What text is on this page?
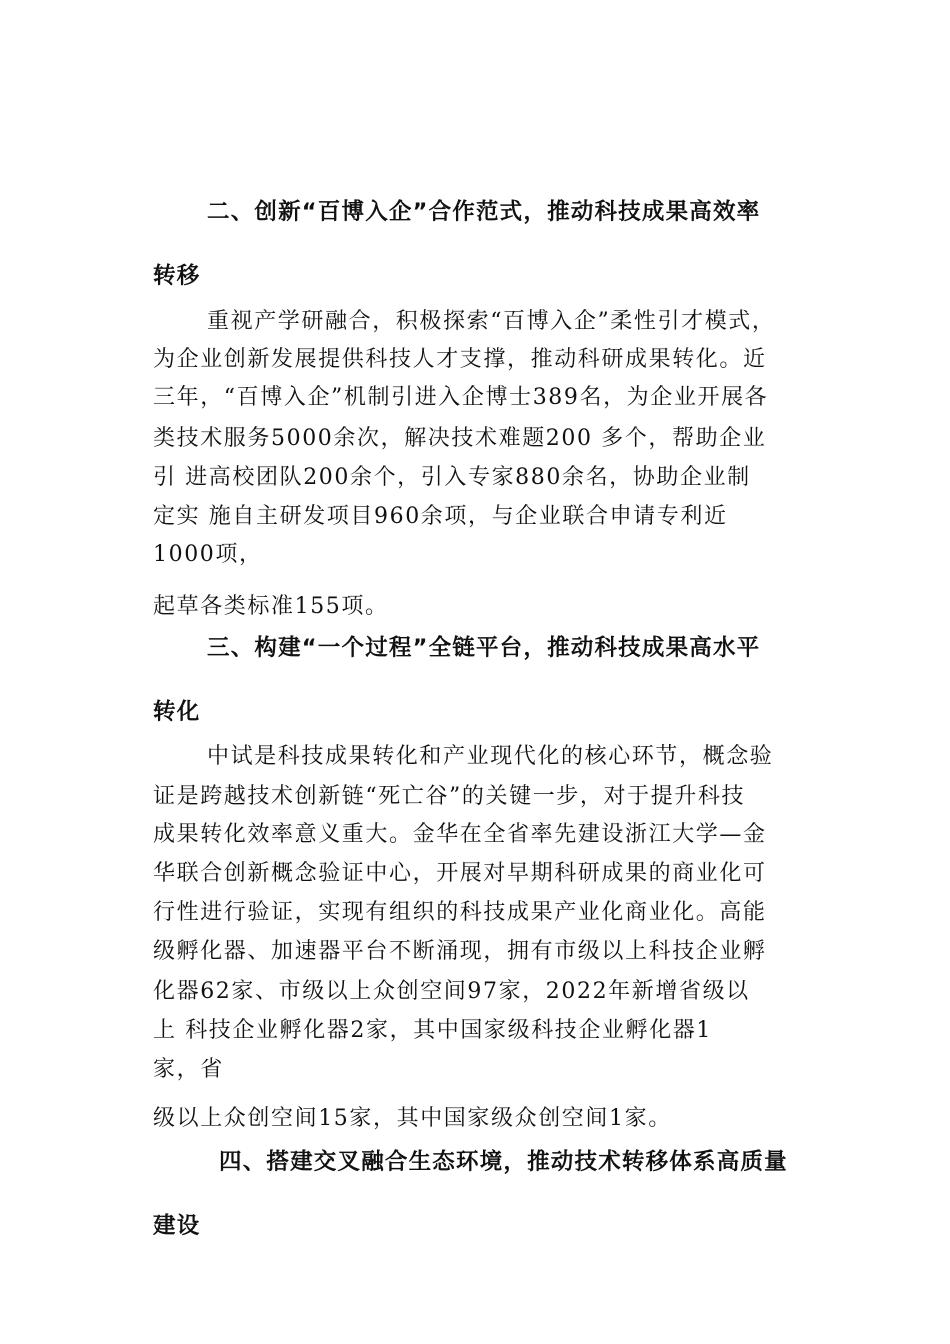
二、创新“百博入企”合作范式，推动科技成果高效率
转移
重视产学研融合，积极探索“百博入企”柔性引才模式，
为企业创新发展提供科技人才支撑，推动科研成果转化。近
三年，“百博入企”机制引进入企博士389名，为企业开展各
类技术服务5000余次，解决技术难题200 多个，帮助企业
引 进高校团队200余个，引入专家880余名，协助企业制
定实 施自主研发项目960余项，与企业联合申请专利近
1000项，
起草各类标准155项。
三、构建“一个过程”全链平台，推动科技成果高水平
转化
中试是科技成果转化和产业现代化的核心环节，概念验
证是跨越技术创新链“死亡谷”的关键一步，对于提升科技
成果转化效率意义重大。金华在全省率先建设浙江大学—金
华联合创新概念验证中心，开展对早期科研成果的商业化可
行性进行验证，实现有组织的科技成果产业化商业化。高能
级孵化器、加速器平台不断涌现，拥有市级以上科技企业孵
化器62家、市级以上众创空间97家，2022年新增省级以
上 科技企业孵化器2家，其中国家级科技企业孵化器1
家，省
级以上众创空间15家，其中国家级众创空间1家。
四、搭建交叉融合生态环境，推动技术转移体系高质量
建设
